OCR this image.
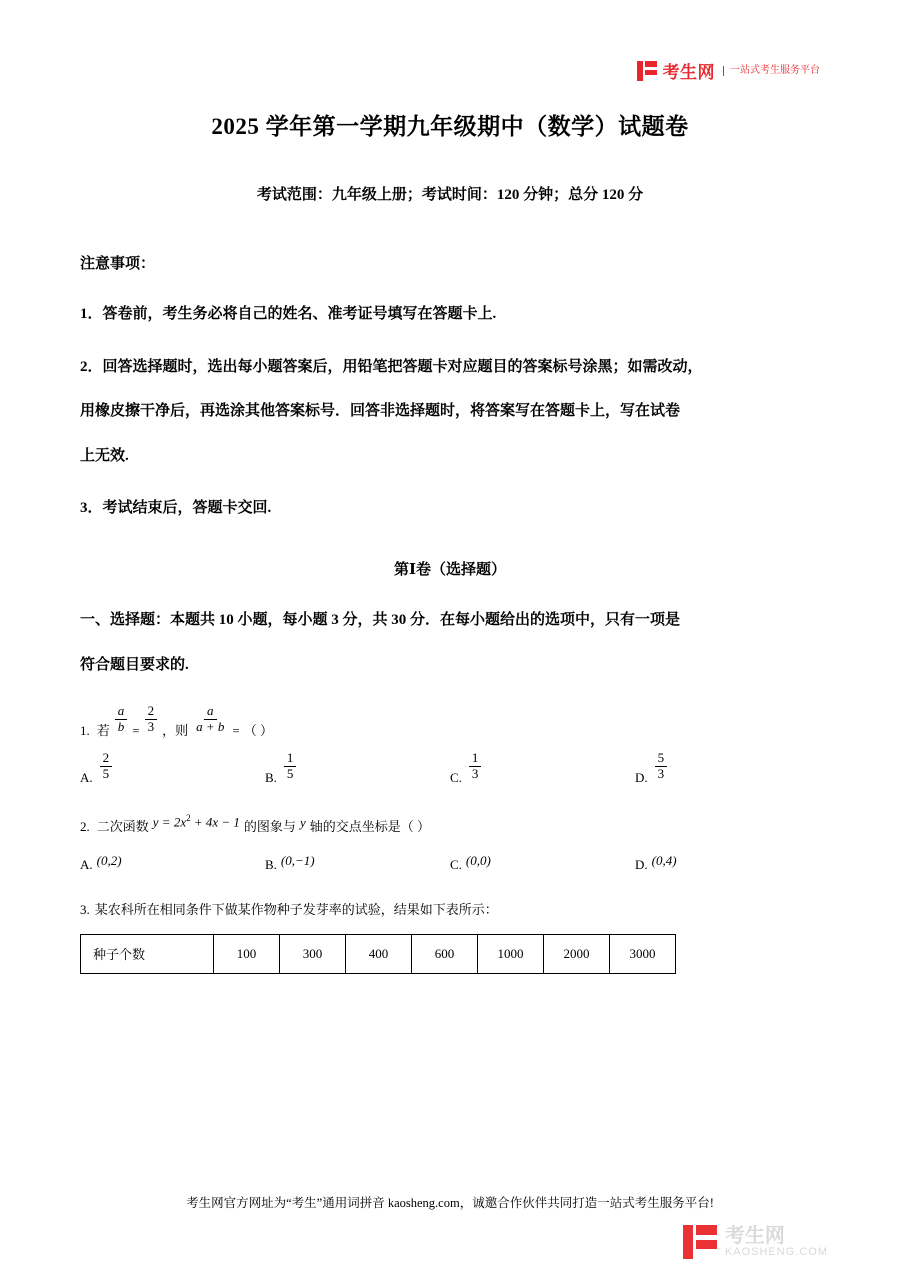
考生网	一站式考生服务平台
2025 学年第一学期九年级期中（数学）试题卷

考试范围：九年级上册；考试时间：120 分钟；总分 120 分

注意事项：

1．答卷前，考生务必将自己的姓名、准考证号填写在答题卡上.

2．回答选择题时，选出每小题答案后，用铅笔把答题卡对应题目的答案标号涂黑；如需改动，

用橡皮擦干净后，再选涂其他答案标号．回答非选择题时，将答案写在答题卡上，写在试卷

上无效.

3．考试结束后，答题卡交回.

第Ⅰ卷（选择题）

一、选择题：本题共 10 小题，每小题 3 分，共 30 分．在每小题给出的选项中，只有一项是

符合题目要求的.

1. 若 $\frac{a}{b} = \frac{2}{3}$ ，则 $\frac{a}{a + b}$ = （ ）
A. $\frac{2}{5}$	B. $\frac{1}{5}$	C. $\frac{1}{3}$	D. $\frac{5}{3}$
2. 二次函数 $y = 2x^2 + 4x - 1$ 的图象与 y 轴的交点坐标是（ ）
A. (0,2)	B. (0,−1)	C. (0,0)	D. (0,4)
3. 某农科所在相同条件下做某作物种子发芽率的试验，结果如下表所示：
种子个数	100	300	400	600	1000	2000	3000
考生网官方网址为“考生”通用词拼音 kaosheng.com，诚邀合作伙伴共同打造一站式考生服务平台!
考生网
KAOSHENG.COM
